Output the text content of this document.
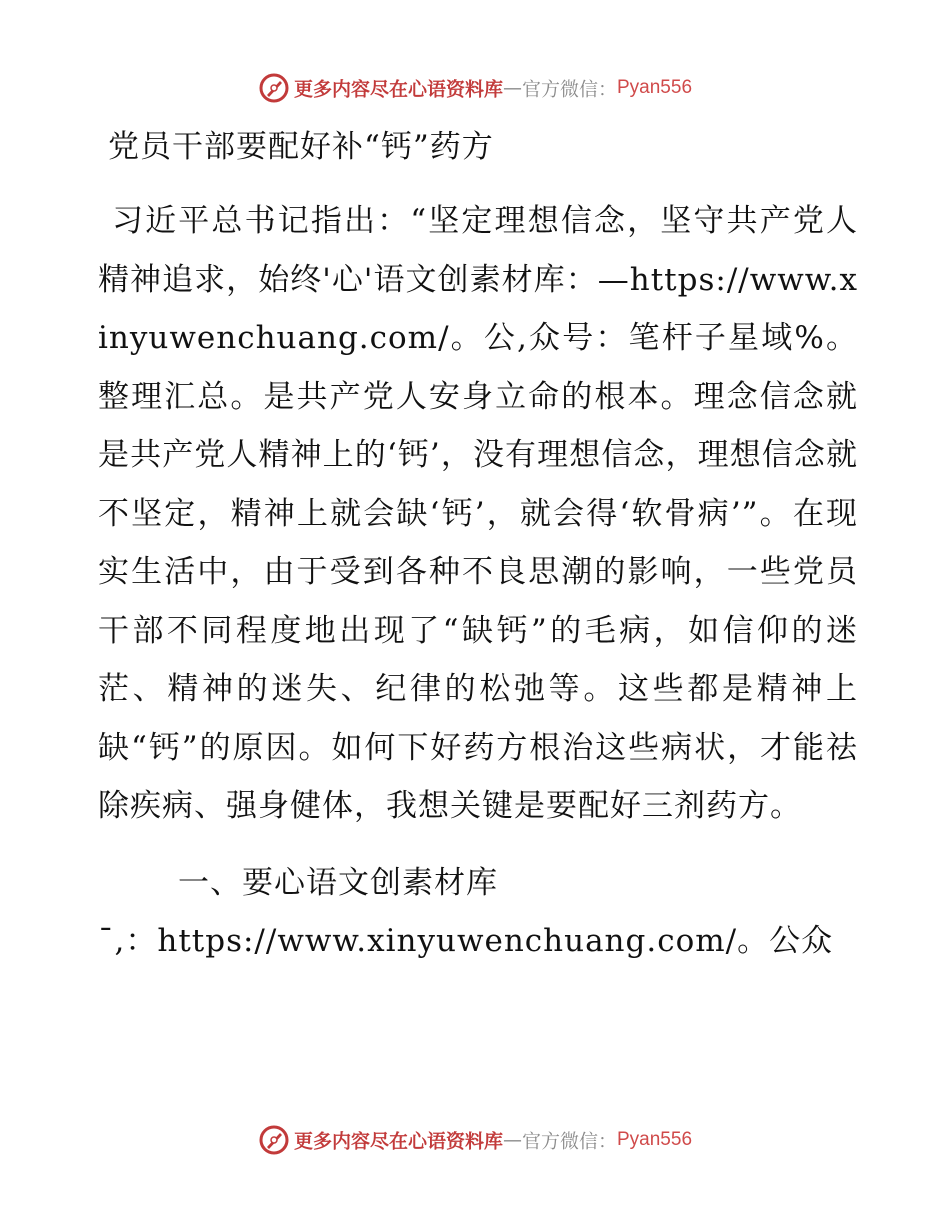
更多内容尽在心语资料库—官方微信：Pyan556
党员干部要配好补“钙”药方

习近平总书记指出：“坚定理想信念，坚守共产党人精神追求，始终'心'语文创素材库：—https://www.xinyuwenchuang.com/。公,众号：笔杆子星域%。整理汇总。是共产党人安身立命的根本。理念信念就是共产党人精神上的‘钙’，没有理想信念，理想信念就不坚定，精神上就会缺‘钙’，就会得‘软骨病’”。在现实生活中，由于受到各种不良思潮的影响，一些党员干部不同程度地出现了“缺钙”的毛病，如信仰的迷茫、精神的迷失、纪律的松弛等。这些都是精神上缺“钙”的原因。如何下好药方根治这些病状，才能祛除疾病、强身健体，我想关键是要配好三剂药方。

一、要心语文创素材库

ˉ,：https://www.xinyuwenchuang.com/。公众

更多内容尽在心语资料库—官方微信：Pyan556
